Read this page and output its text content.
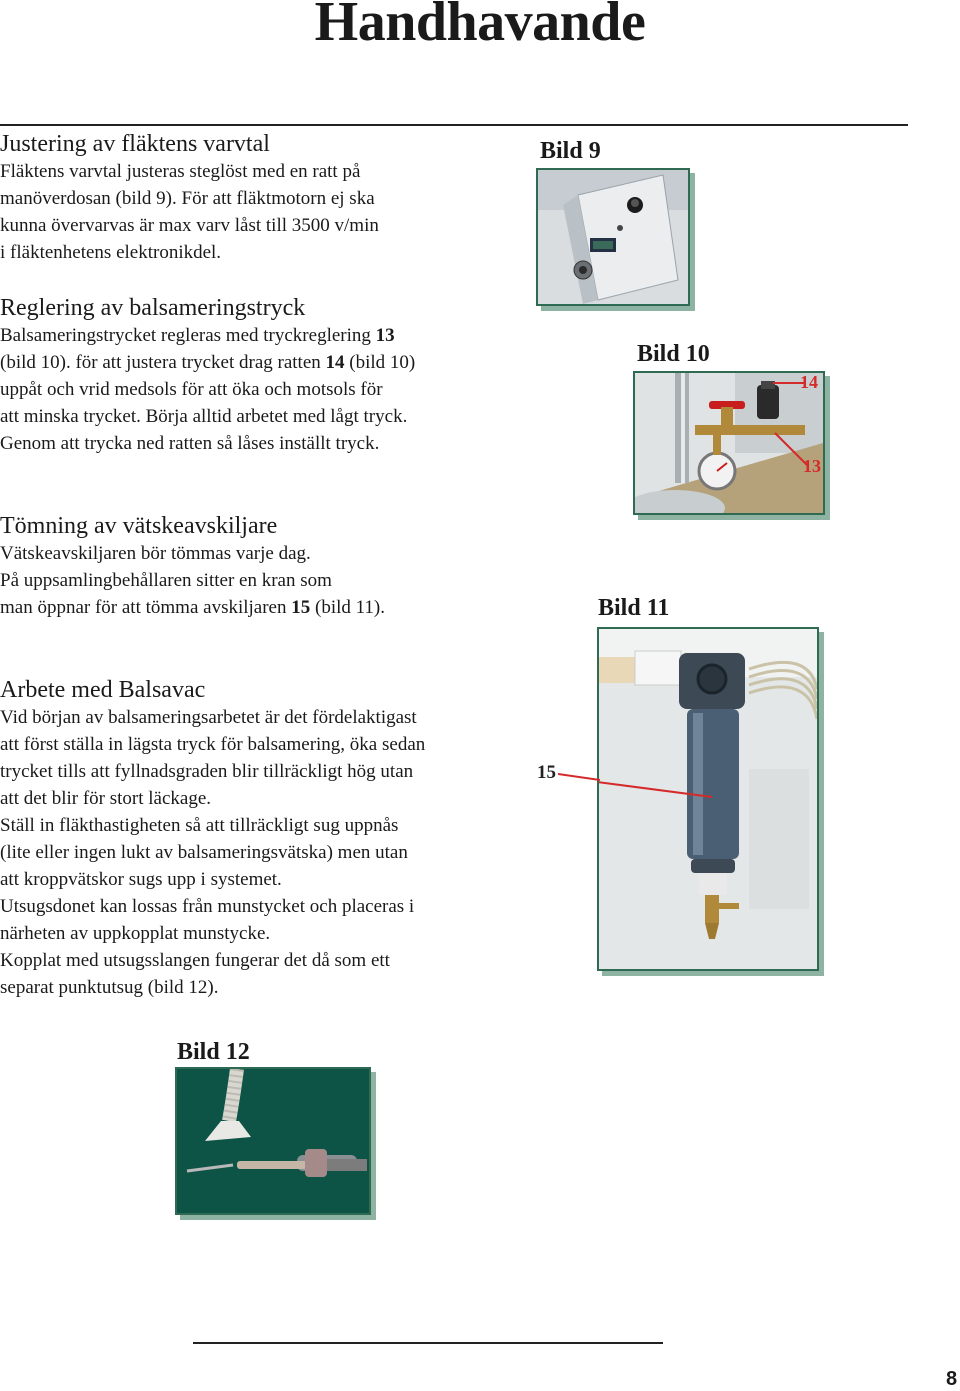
Handhavande

Justering av fläktens varvtal

Fläktens varvtal justeras steglöst med en ratt på

manöverdosan (bild 9). För att fläktmotorn ej ska

kunna övervarvas är max varv låst till 3500 v/min

i fläktenhetens elektronikdel.

Reglering av balsameringstryck

Balsameringstrycket regleras med tryckreglering 13

(bild 10). för att justera trycket drag ratten 14 (bild 10)

uppåt och vrid medsols för att öka och motsols för

att minska trycket. Börja alltid arbetet med lågt tryck.

Genom att trycka ned ratten så låses inställt tryck.

Tömning av vätskeavskiljare

Vätskeavskiljaren bör tömmas varje dag.

På uppsamlingbehållaren sitter en kran som

man öppnar för att tömma avskiljaren 15 (bild 11).

Arbete med Balsavac

Vid början av balsameringsarbetet är det fördelaktigast

att först ställa in lägsta tryck för balsamering, öka sedan

trycket tills att fyllnadsgraden blir tillräckligt hög utan

att det blir för stort läckage.

Ställ in fläkthastigheten så att tillräckligt sug uppnås

(lite eller ingen lukt av balsameringsvätska) men utan

att kroppvätskor sugs upp i systemet.

Utsugsdonet kan lossas från munstycket och placeras i

närheten av uppkopplat munstycke.

Kopplat med utsugsslangen fungerar det då som ett

separat punktutsug (bild 12).

Bild 9
Bild 10
14
13
Bild 11
15
Bild 12
8
